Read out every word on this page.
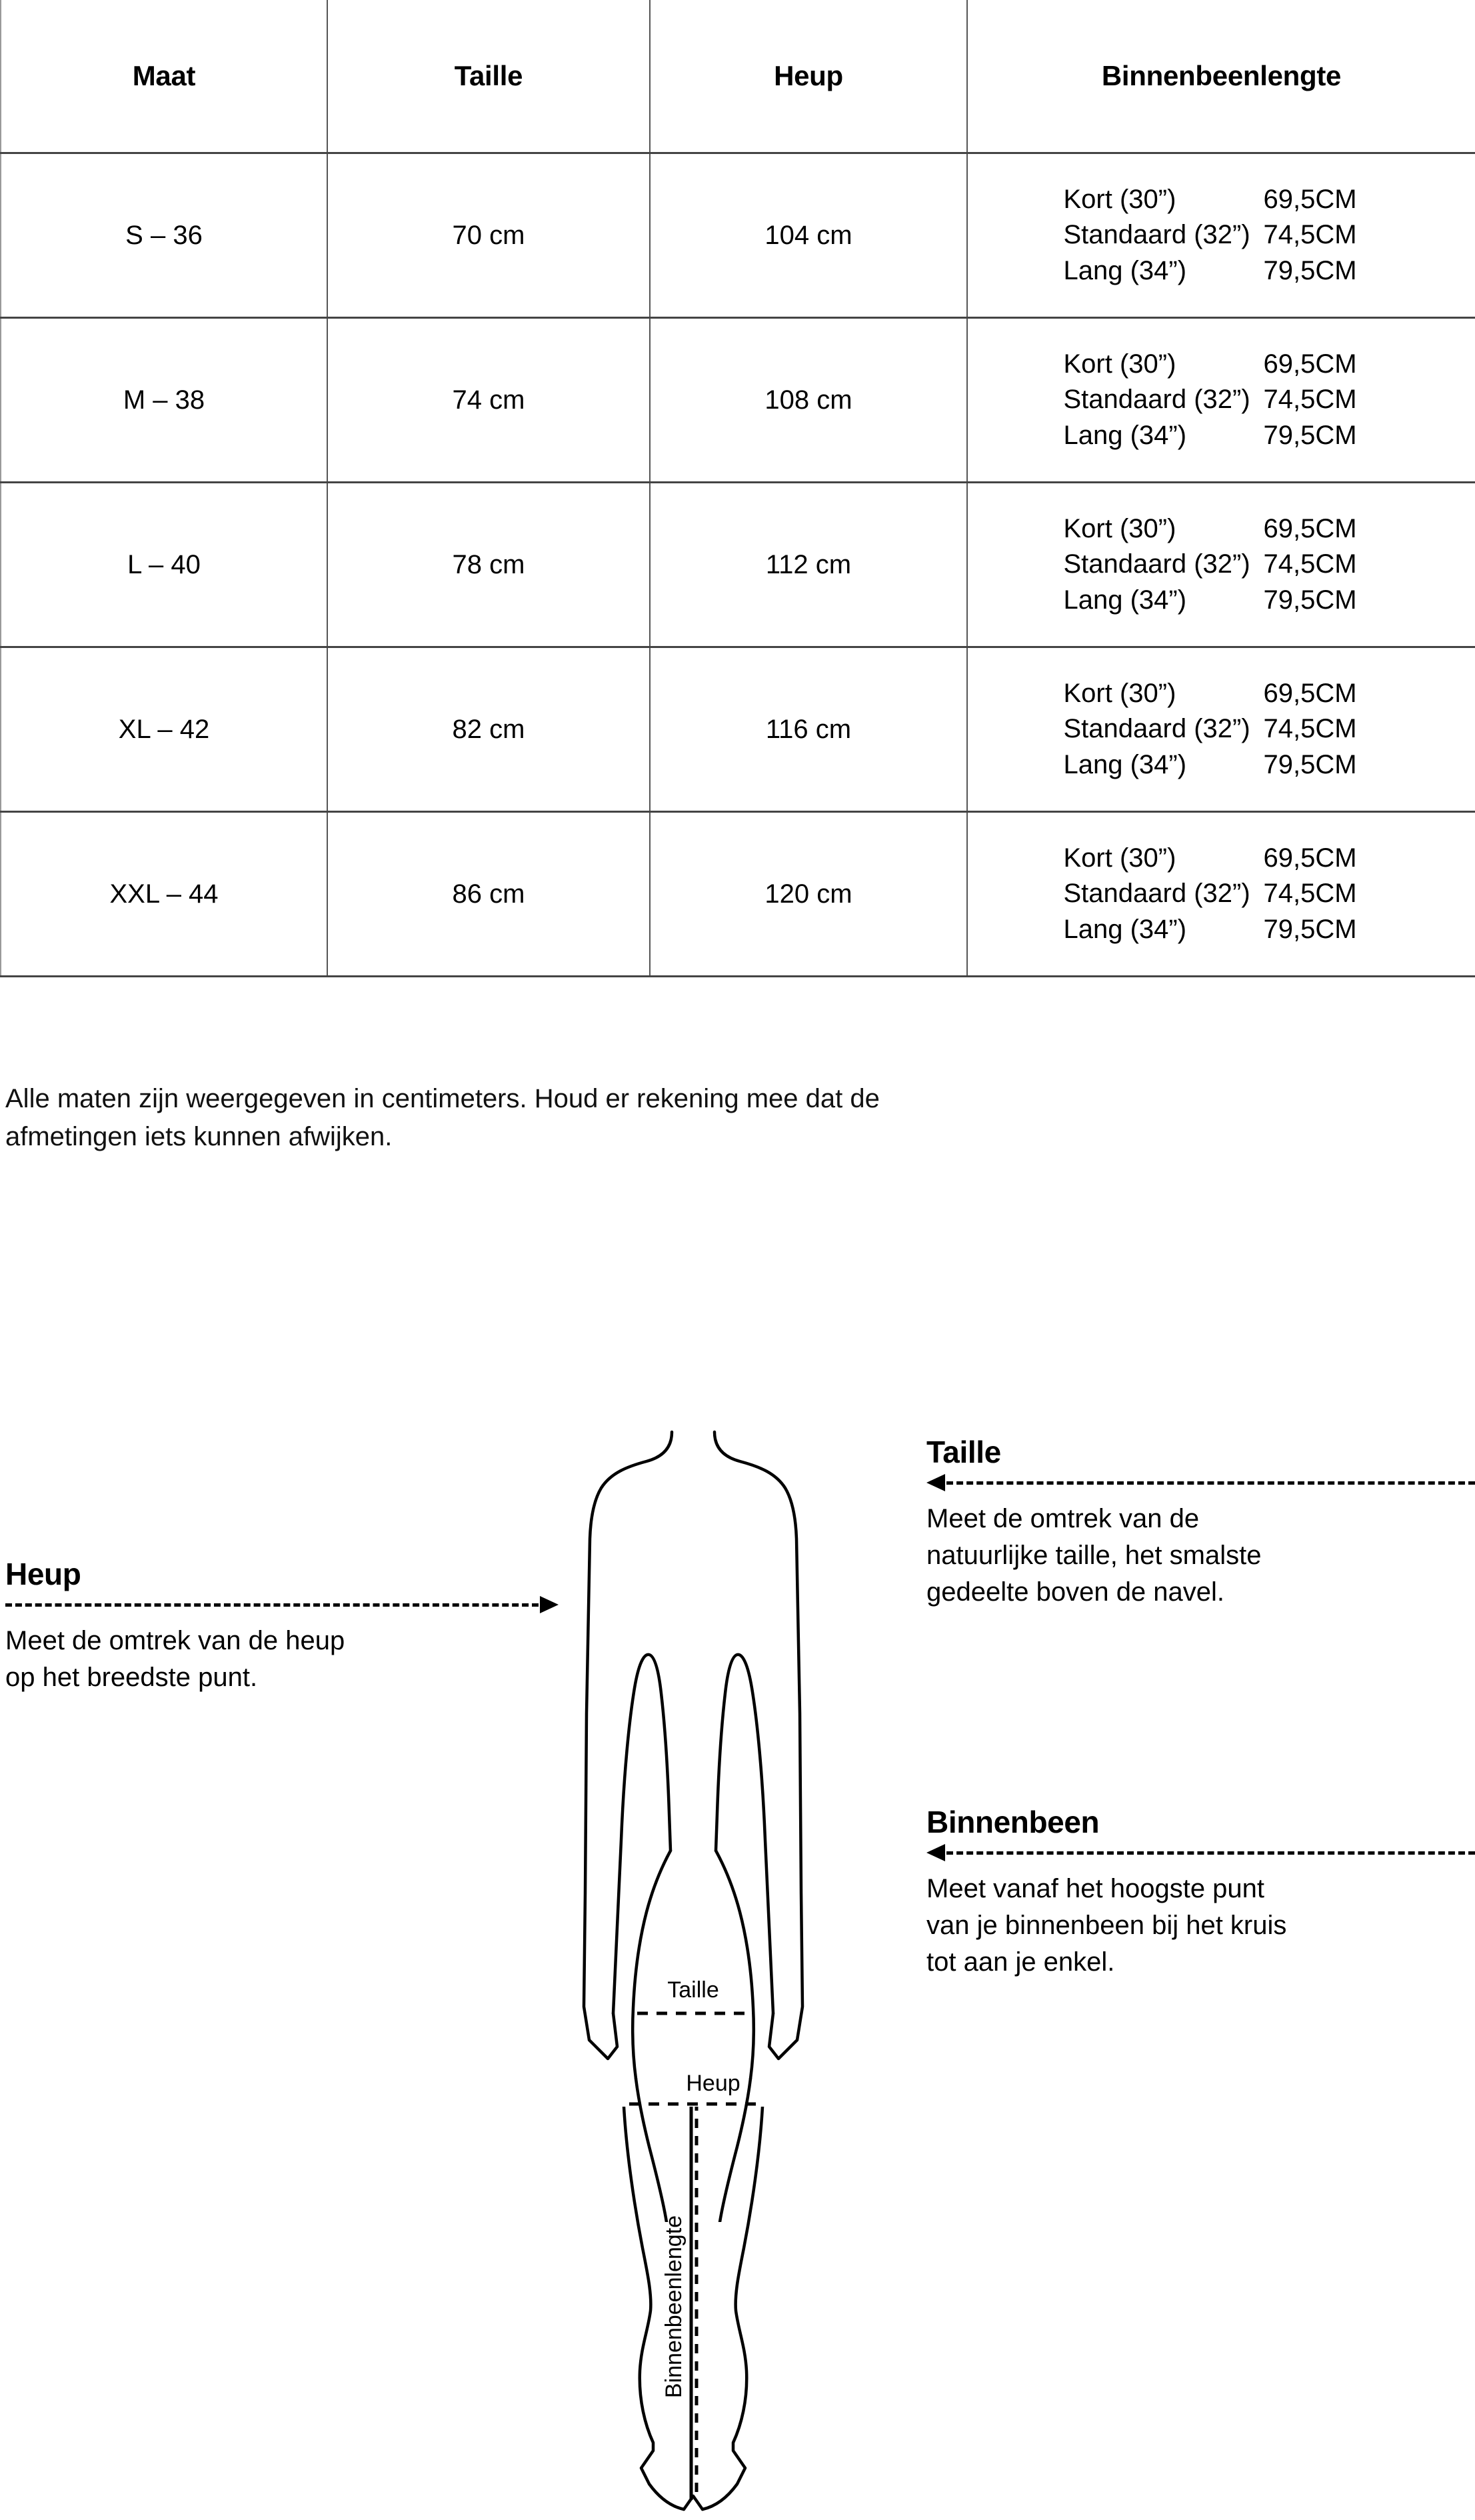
Maat	Taille	Heup	Binnenbeenlengte

S – 36	70 cm	104 cm

Kort (30”)	69,5CM
Standaard (32”) 74,5CM
Lang (34”)	79,5CM

M – 38	74 cm	108 cm

Kort (30”)	69,5CM
Standaard (32”) 74,5CM
Lang (34”)	79,5CM

L – 40	78 cm	112 cm

Kort (30”)	69,5CM
Standaard (32”) 74,5CM
Lang (34”)	79,5CM

XL – 42	82 cm	116 cm

Kort (30”)	69,5CM
Standaard (32”) 74,5CM
Lang (34”)	79,5CM

XXL – 44	86 cm	120 cm

Kort (30”)	69,5CM
Standaard (32”) 74,5CM
Lang (34”)	79,5CM
Alle maten zijn weergegeven in centimeters. Houd er rekening mee dat de
afmetingen iets kunnen afwijken.
Heup
Meet de omtrek van de heup
op het breedste punt.
Taille
Meet de omtrek van de
natuurlijke taille, het smalste
gedeelte boven de navel.
Binnenbeen
Meet vanaf het hoogste punt
van je binnenbeen bij het kruis
tot aan je enkel.
Taille
Heup
Binnenbeenlengte
